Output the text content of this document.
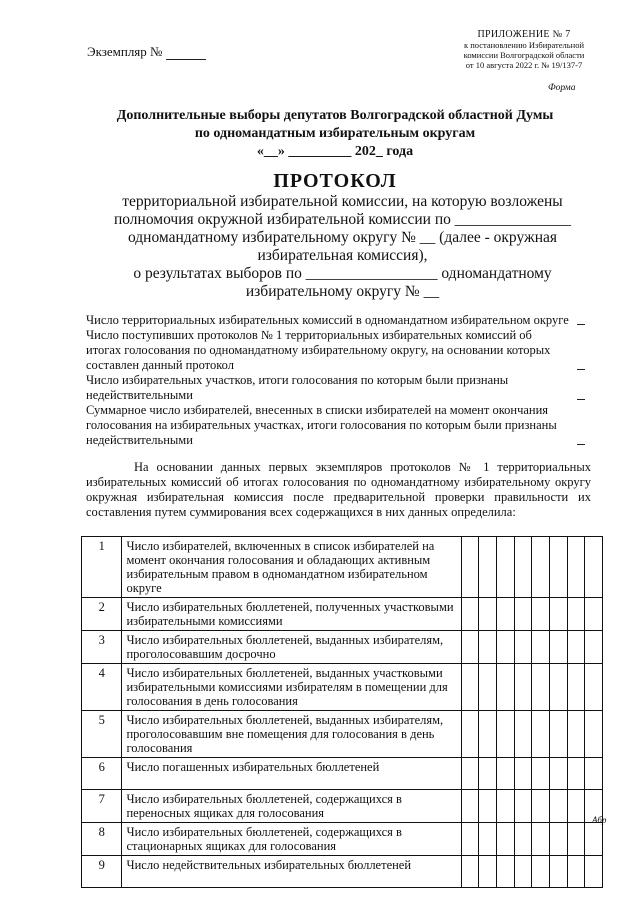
Экземпляр №
ПРИЛОЖЕНИЕ № 7
к постановлению Избирательной
комиссии Волгоградской области
от 10 августа 2022 г. № 19/137-7
Форма
Дополнительные выборы депутатов Волгоградской областной Думы
по одномандатным избирательным округам
«__» _________ 202_ года
ПРОТОКОЛ
территориальной избирательной комиссии, на которую возложены
полномочия окружной избирательной комиссии по _______________
одномандатному избирательному округу № __ (далее - окружная
избирательная комиссия),
о результатах выборов по _________________ одномандатному
избирательному округу № __
Число территориальных избирательных комиссий в одномандатном избирательном округе
Число поступивших протоколов № 1 территориальных избирательных комиссий об итогах голосования по одномандатному избирательному округу, на основании которых составлен данный протокол
Число избирательных участков, итоги голосования по которым были признаны недействительными
Суммарное число избирателей, внесенных в списки избирателей на момент окончания голосования на избирательных участках, итоги голосования по которым были признаны недействительными
На основании данных первых экземпляров протоколов № 1 территориальных избирательных комиссий об итогах голосования по одномандатному избирательному округу окружная избирательная комиссия после предварительной проверки правильности их составления путем суммирования всех содержащихся в них данных определила:
1	Число избирателей, включенных в список избирателей на момент окончания голосования и обладающих активным избирательным правом в одномандатном избирательном округе								
2	Число избирательных бюллетеней, полученных участковыми избирательными комиссиями								
3	Число избирательных бюллетеней, выданных избирателям, проголосовавшим досрочно								
4	Число избирательных бюллетеней, выданных участковыми избирательными комиссиями избирателям в помещении для голосования в день голосования								
5	Число избирательных бюллетеней, выданных избирателям, проголосовавшим вне помещения для голосования в день голосования								
6	Число погашенных избирательных бюллетеней								
7	Число избирательных бюллетеней, содержащихся в переносных ящиках для голосования								
8	Число избирательных бюллетеней, содержащихся в стационарных ящиках для голосования								
9	Число недействительных избирательных бюллетеней								
Абр
